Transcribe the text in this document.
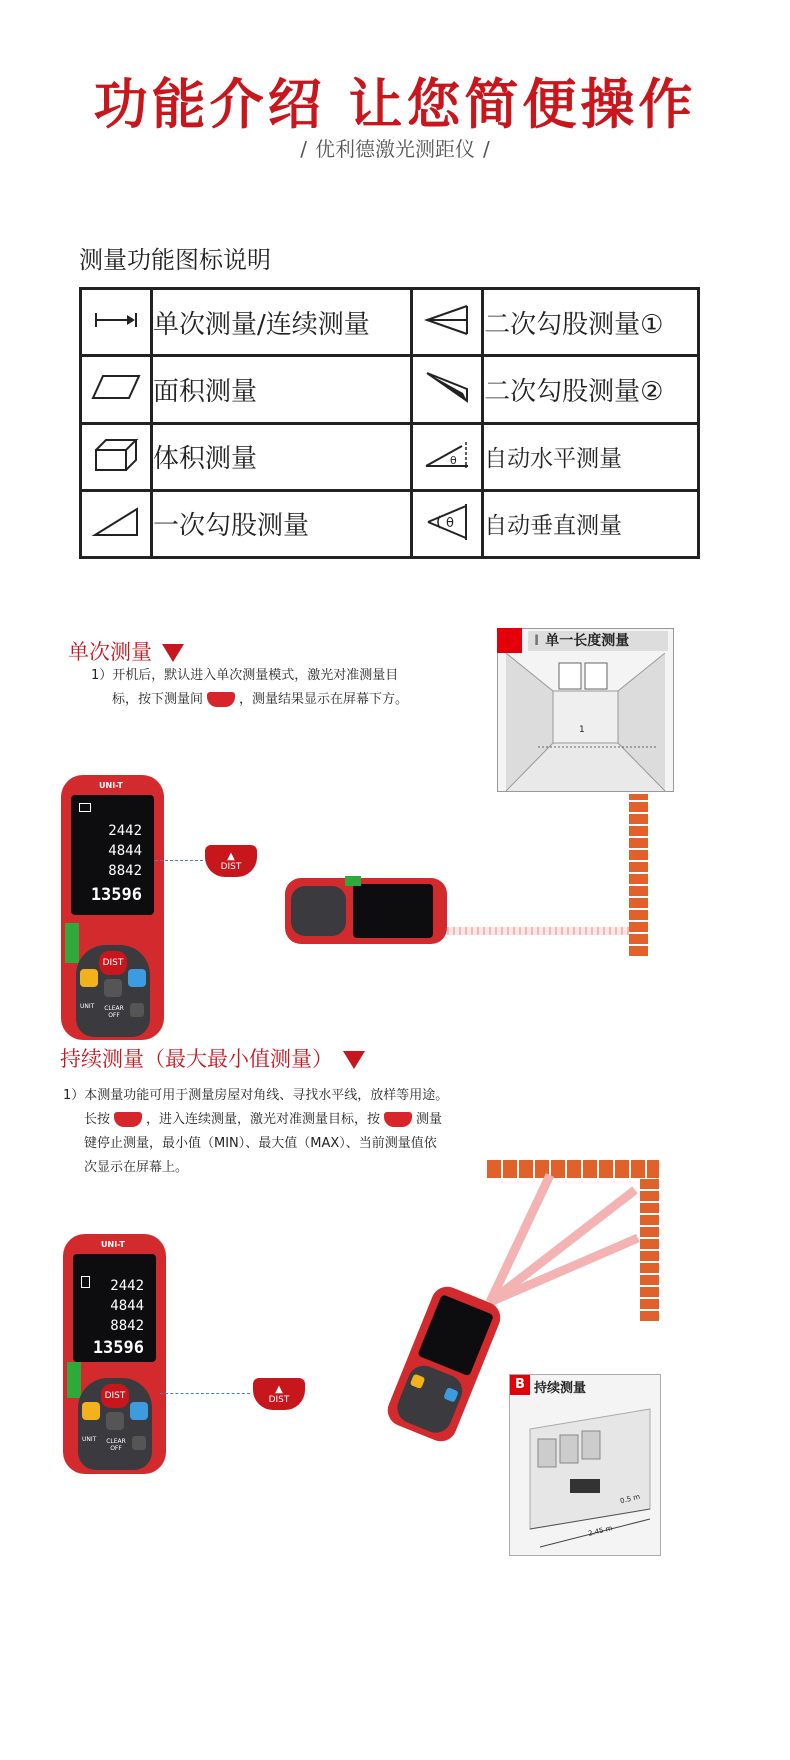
功能介绍 让您简便操作
/ 优利德激光测距仪 /
测量功能图标说明
	单次测量/连续测量		二次勾股测量①
	面积测量		二次勾股测量②
	体积测量	θ	自动水平测量
	一次勾股测量	θ	自动垂直测量
单次测量
1）开机后，默认进入单次测量模式，激光对准测量目
标，按下测量间	，测量结果显示在屏幕下方。
I 单一长度测量
1
UNI-T
2442
4844
8842
13596
DIST
UNIT	CLEAR OFF
▲
DIST
持续测量（最大最小值测量）
1）本测量功能可用于测量房屋对角线、寻找水平线，放样等用途。
长按	，进入连续测量，激光对准测量目标，按	测量
键停止测量，最小值（MIN）、最大值（MAX）、当前测量值依
次显示在屏幕上。
UNI-T
2442
4844
8842
13596
DIST
UNIT	CLEAR OFF
▲
DIST
B 持续测量
2.45 m
0.5 m
